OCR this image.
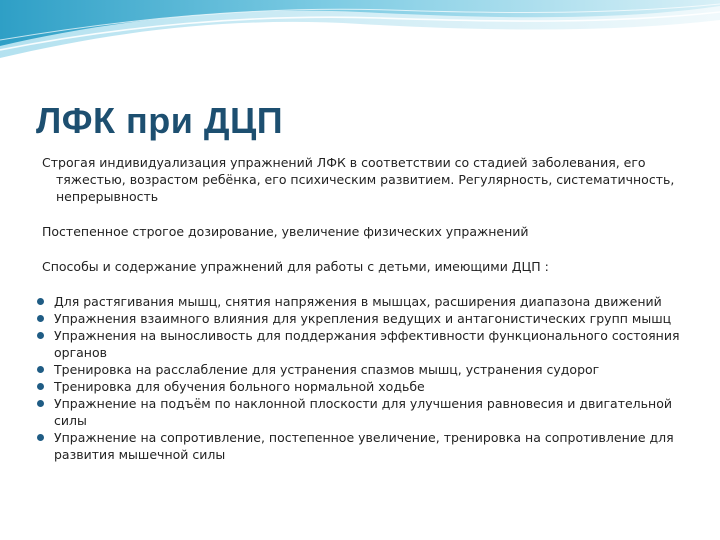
ЛФК при ДЦП

Строгая индивидуализация упражнений ЛФК в соответствии со стадией заболевания, его тяжестью, возрастом ребёнка, его психическим развитием. Регулярность, систематичность, непрерывность

Постепенное строгое дозирование, увеличение физических упражнений

Способы и содержание упражнений для работы с детьми, имеющими ДЦП :

Для растягивания мышц, снятия напряжения в мышцах, расширения диапазона движений
Упражнения взаимного влияния для укрепления ведущих и антагонистических групп мышц
Упражнения на выносливость для поддержания эффективности функционального состояния органов
Тренировка на расслабление для устранения спазмов мышц, устранения судорог
Тренировка для обучения больного нормальной ходьбе
Упражнение на подъём по наклонной плоскости для улучшения равновесия и двигательной силы
Упражнение на сопротивление, постепенное увеличение, тренировка на сопротивление для развития мышечной силы
